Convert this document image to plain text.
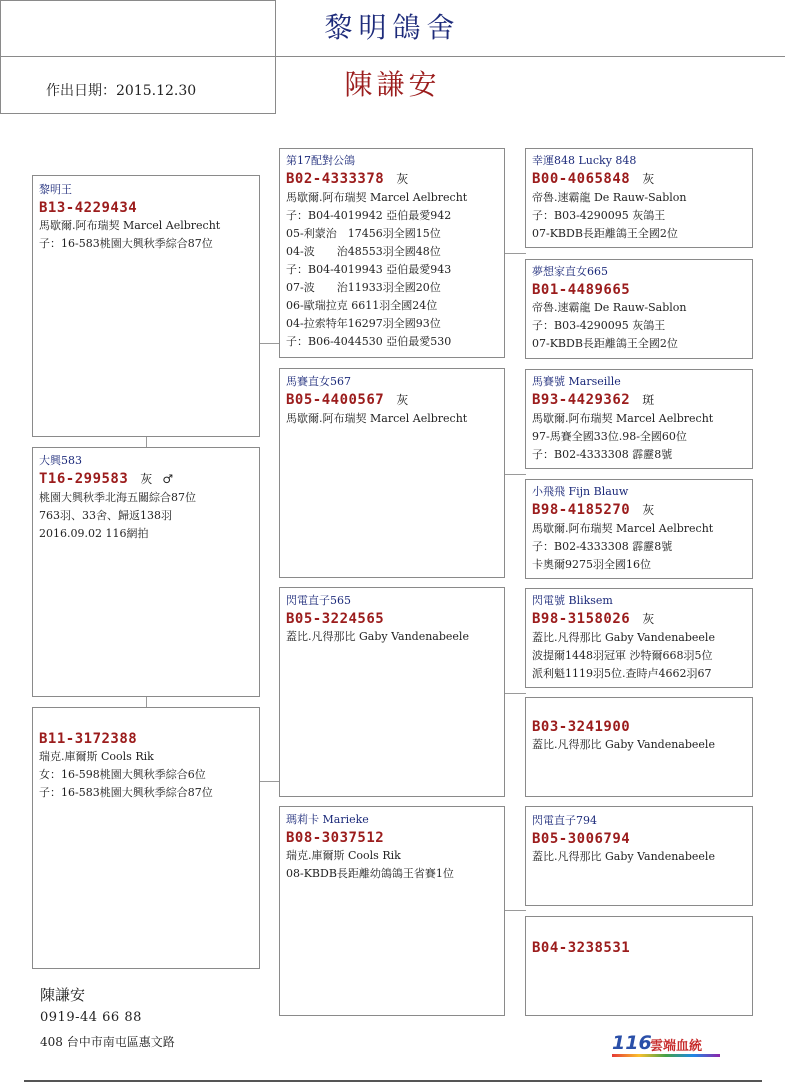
黎明鴿舍
陳謙安
作出日期：2015.12.30
黎明王
B13-4229434
馬歇爾.阿布瑞契 Marcel Aelbrecht
子：16-583桃園大興秋季綜合87位
大興583
T16-299583 灰 ♂
桃園大興秋季北海五關綜合87位
763羽、33舍、歸返138羽
2016.09.02 116網拍
B11-3172388
瑞克.庫爾斯 Cools Rik
女：16-598桃園大興秋季綜合6位
子：16-583桃園大興秋季綜合87位
第17配對公鴿
B02-4333378 灰
馬歇爾.阿布瑞契 Marcel Aelbrecht
子：B04-4019942 亞伯最愛942
05-利蒙治　17456羽全國15位
04-波　　治48553羽全國48位
子：B04-4019943 亞伯最愛943
07-波　　治11933羽全國20位
06-歐瑞拉克 6611羽全國24位
04-拉索特年16297羽全國93位
子：B06-4044530 亞伯最愛530
馬賽直女567
B05-4400567 灰
馬歇爾.阿布瑞契 Marcel Aelbrecht
閃電直子565
B05-3224565
蓋比.凡得那比 Gaby Vandenabeele
瑪莉卡 Marieke
B08-3037512
瑞克.庫爾斯 Cools Rik
08-KBDB長距離幼鴿鴿王省賽1位
幸運848 Lucky 848
B00-4065848 灰
帝魯.速霸龍 De Rauw-Sablon
子：B03-4290095 灰鴿王
07-KBDB長距離鴿王全國2位
夢想家直女665
B01-4489665
帝魯.速霸龍 De Rauw-Sablon
子：B03-4290095 灰鴿王
07-KBDB長距離鴿王全國2位
馬賽號 Marseille
B93-4429362 斑
馬歇爾.阿布瑞契 Marcel Aelbrecht
97-馬賽全國33位.98-全國60位
子：B02-4333308 霹靂8號
小飛飛 Fijn Blauw
B98-4185270 灰
馬歇爾.阿布瑞契 Marcel Aelbrecht
子：B02-4333308 霹靂8號
卡奧爾9275羽全國16位
閃電號 Bliksem
B98-3158026 灰
蓋比.凡得那比 Gaby Vandenabeele
波提爾1448羽冠軍 沙特爾668羽5位
派利魁1119羽5位.查時卢4662羽67
B03-3241900
蓋比.凡得那比 Gaby Vandenabeele
閃電直子794
B05-3006794
蓋比.凡得那比 Gaby Vandenabeele
B04-3238531
陳謙安
0919-44 66 88
408 台中市南屯區惠文路	116
雲端血統
